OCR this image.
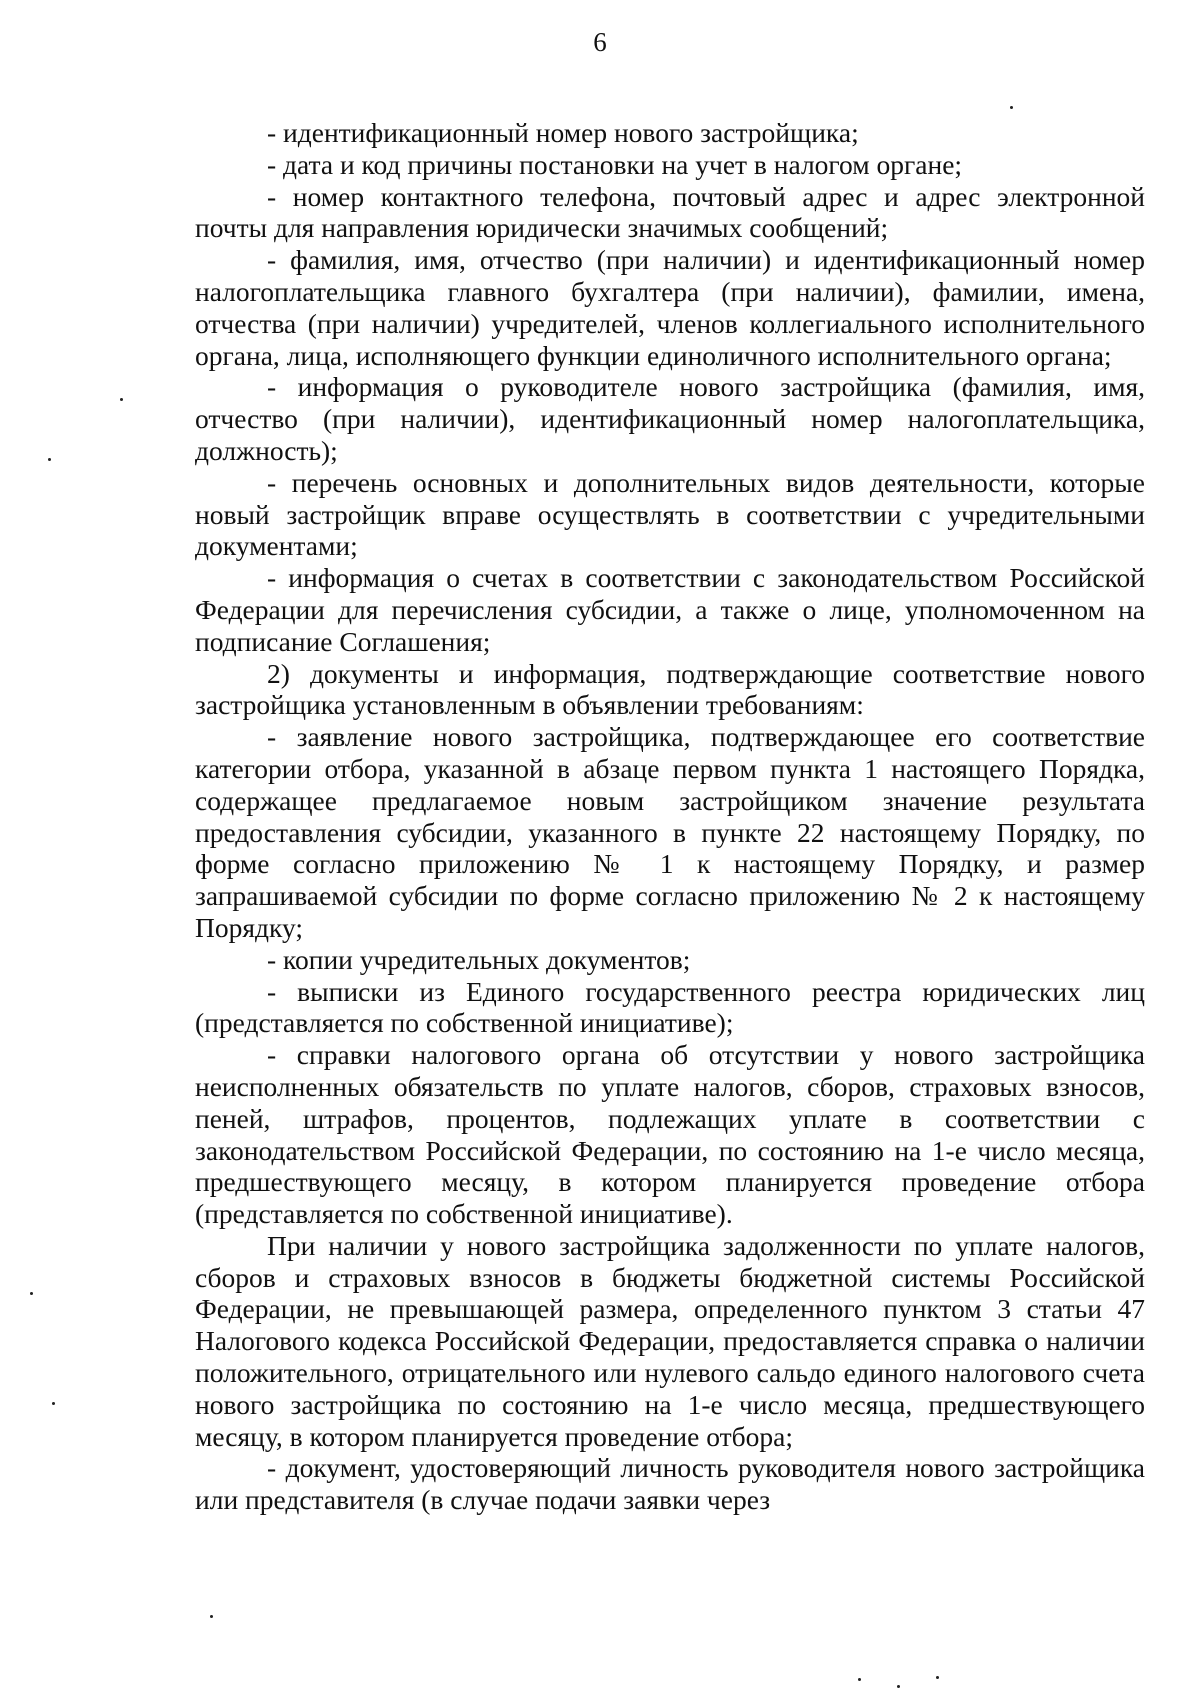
6

- идентификационный номер нового застройщика;

- дата и код причины постановки на учет в налогом органе;

- номер контактного телефона, почтовый адрес и адрес электронной почты для направления юридически значимых сообщений;

- фамилия, имя, отчество (при наличии) и идентификационный номер налогоплательщика главного бухгалтера (при наличии), фамилии, имена, отчества (при наличии) учредителей, членов коллегиального исполнительного органа, лица, исполняющего функции единоличного исполнительного органа;

- информация о руководителе нового застройщика (фамилия, имя, отчество (при наличии), идентификационный номер налогоплательщика, должность);

- перечень основных и дополнительных видов деятельности, которые новый застройщик вправе осуществлять в соответствии с учредительными документами;

- информация о счетах в соответствии с законодательством Российской Федерации для перечисления субсидии, а также о лице, уполномоченном на подписание Соглашения;

2) документы и информация, подтверждающие соответствие нового застройщика установленным в объявлении требованиям:

- заявление нового застройщика, подтверждающее его соответствие категории отбора, указанной в абзаце первом пункта 1 настоящего Порядка, содержащее предлагаемое новым застройщиком значение результата предоставления субсидии, указанного в пункте 22 настоящему Порядку, по форме согласно приложению № 1 к настоящему Порядку, и размер запрашиваемой субсидии по форме согласно приложению № 2 к настоящему Порядку;

- копии учредительных документов;

- выписки из Единого государственного реестра юридических лиц (представляется по собственной инициативе);

- справки налогового органа об отсутствии у нового застройщика неисполненных обязательств по уплате налогов, сборов, страховых взносов, пеней, штрафов, процентов, подлежащих уплате в соответствии с законодательством Российской Федерации, по состоянию на 1-е число месяца, предшествующего месяцу, в котором планируется проведение отбора (представляется по собственной инициативе).

При наличии у нового застройщика задолженности по уплате налогов, сборов и страховых взносов в бюджеты бюджетной системы Российской Федерации, не превышающей размера, определенного пунктом 3 статьи 47 Налогового кодекса Российской Федерации, предоставляется справка о наличии положительного, отрицательного или нулевого сальдо единого налогового счета нового застройщика по состоянию на 1-е число месяца, предшествующего месяцу, в котором планируется проведение отбора;

- документ, удостоверяющий личность руководителя нового застройщика или представителя (в случае подачи заявки через
